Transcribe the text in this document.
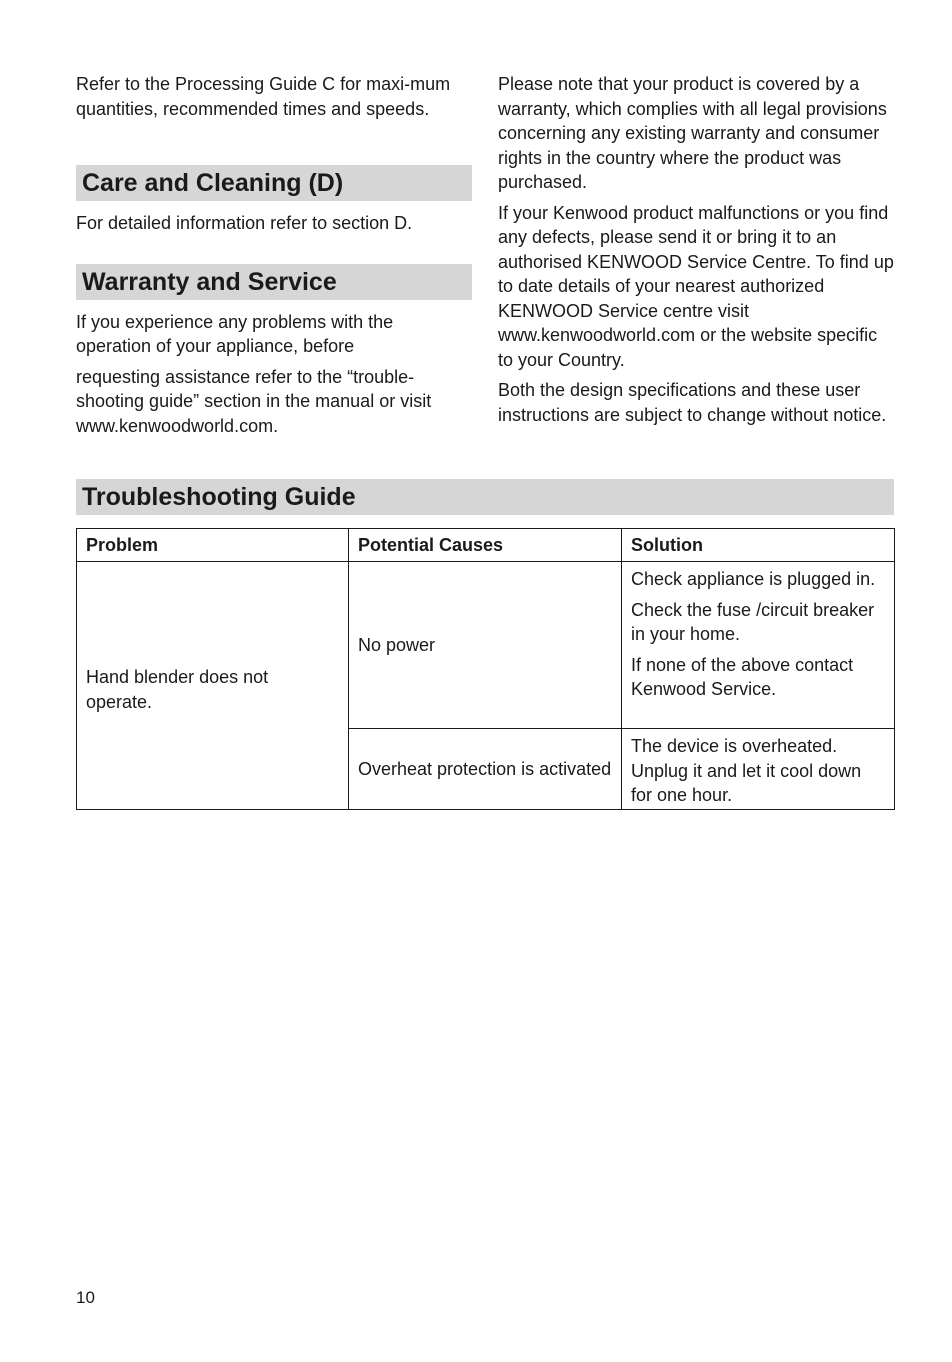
Refer to the Processing Guide C for maxi-mum quantities, recommended times and speeds.

Care and Cleaning (D)

For detailed information refer to section D.

Warranty and Service

If you experience any problems with the operation of your appliance, before

requesting assistance refer to the “trouble-shooting guide” section in the manual or visit www.kenwoodworld.com.

Please note that your product is covered by a warranty, which complies with all legal provisions concerning any existing warranty and consumer rights in the country where the product was purchased.

If your Kenwood product malfunctions or you find any defects, please send it or bring it to an authorised KENWOOD Service Centre. To find up to date details of your nearest authorized KENWOOD Service centre visit www.kenwoodworld.com or the website specific to your Country.

Both the design specifications and these user instructions are subject to change without notice.

Troubleshooting Guide
Problem	Potential Causes	Solution
Hand blender does not operate.	No power	Check appliance is plugged in.

Check the fuse /circuit breaker in your home.

If none of the above contact Kenwood Service.

	Overheat protection is activated	The device is overheated. Unplug it and let it cool down for one hour.
10
